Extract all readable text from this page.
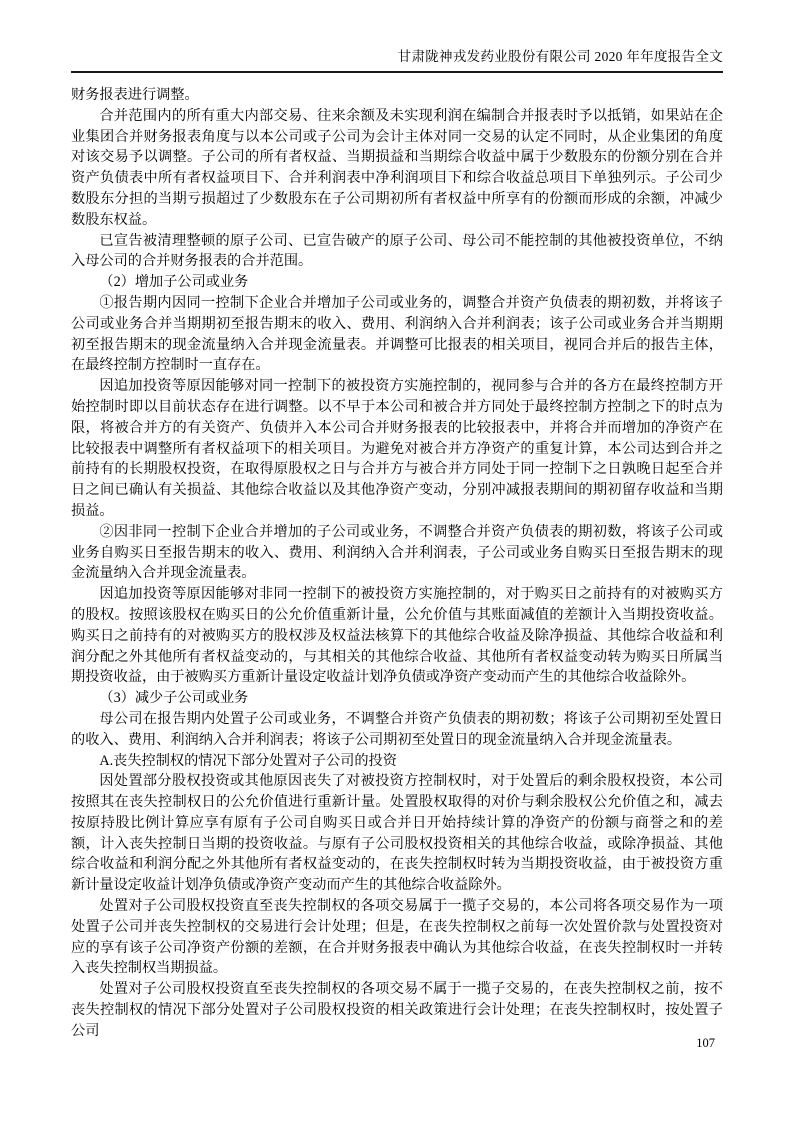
甘肃陇神戎发药业股份有限公司 2020 年年度报告全文

财务报表进行调整。

合并范围内的所有重大内部交易、往来余额及未实现利润在编制合并报表时予以抵销，如果站在企业集团合并财务报表角度与以本公司或子公司为会计主体对同一交易的认定不同时，从企业集团的角度对该交易予以调整。子公司的所有者权益、当期损益和当期综合收益中属于少数股东的份额分别在合并资产负债表中所有者权益项目下、合并利润表中净利润项目下和综合收益总项目下单独列示。子公司少数股东分担的当期亏损超过了少数股东在子公司期初所有者权益中所享有的份额而形成的余额，冲减少数股东权益。

已宣告被清理整顿的原子公司、已宣告破产的原子公司、母公司不能控制的其他被投资单位，不纳入母公司的合并财务报表的合并范围。

（2）增加子公司或业务

①报告期内因同一控制下企业合并增加子公司或业务的，调整合并资产负债表的期初数，并将该子公司或业务合并当期期初至报告期末的收入、费用、利润纳入合并利润表；该子公司或业务合并当期期初至报告期末的现金流量纳入合并现金流量表。并调整可比报表的相关项目，视同合并后的报告主体，在最终控制方控制时一直存在。

因追加投资等原因能够对同一控制下的被投资方实施控制的，视同参与合并的各方在最终控制方开始控制时即以目前状态存在进行调整。以不早于本公司和被合并方同处于最终控制方控制之下的时点为限，将被合并方的有关资产、负债并入本公司合并财务报表的比较报表中，并将合并而增加的净资产在比较报表中调整所有者权益项下的相关项目。为避免对被合并方净资产的重复计算，本公司达到合并之前持有的长期股权投资，在取得原股权之日与合并方与被合并方同处于同一控制下之日孰晚日起至合并日之间已确认有关损益、其他综合收益以及其他净资产变动，分别冲减报表期间的期初留存收益和当期损益。

②因非同一控制下企业合并增加的子公司或业务，不调整合并资产负债表的期初数，将该子公司或业务自购买日至报告期末的收入、费用、利润纳入合并利润表，子公司或业务自购买日至报告期末的现金流量纳入合并现金流量表。

因追加投资等原因能够对非同一控制下的被投资方实施控制的，对于购买日之前持有的对被购买方的股权。按照该股权在购买日的公允价值重新计量，公允价值与其账面减值的差额计入当期投资收益。购买日之前持有的对被购买方的股权涉及权益法核算下的其他综合收益及除净损益、其他综合收益和利润分配之外其他所有者权益变动的，与其相关的其他综合收益、其他所有者权益变动转为购买日所属当期投资收益，由于被购买方重新计量设定收益计划净负债或净资产变动而产生的其他综合收益除外。

（3）减少子公司或业务

母公司在报告期内处置子公司或业务，不调整合并资产负债表的期初数；将该子公司期初至处置日的收入、费用、利润纳入合并利润表；将该子公司期初至处置日的现金流量纳入合并现金流量表。

A.丧失控制权的情况下部分处置对子公司的投资

因处置部分股权投资或其他原因丧失了对被投资方控制权时，对于处置后的剩余股权投资，本公司按照其在丧失控制权日的公允价值进行重新计量。处置股权取得的对价与剩余股权公允价值之和，减去按原持股比例计算应享有原有子公司自购买日或合并日开始持续计算的净资产的份额与商誉之和的差额，计入丧失控制日当期的投资收益。与原有子公司股权投资相关的其他综合收益，或除净损益、其他综合收益和利润分配之外其他所有者权益变动的，在丧失控制权时转为当期投资收益，由于被投资方重新计量设定收益计划净负债或净资产变动而产生的其他综合收益除外。

处置对子公司股权投资直至丧失控制权的各项交易属于一揽子交易的，本公司将各项交易作为一项处置子公司并丧失控制权的交易进行会计处理；但是，在丧失控制权之前每一次处置价款与处置投资对应的享有该子公司净资产份额的差额，在合并财务报表中确认为其他综合收益，在丧失控制权时一并转入丧失控制权当期损益。

处置对子公司股权投资直至丧失控制权的各项交易不属于一揽子交易的，在丧失控制权之前，按不丧失控制权的情况下部分处置对子公司股权投资的相关政策进行会计处理；在丧失控制权时，按处置子公司

107
